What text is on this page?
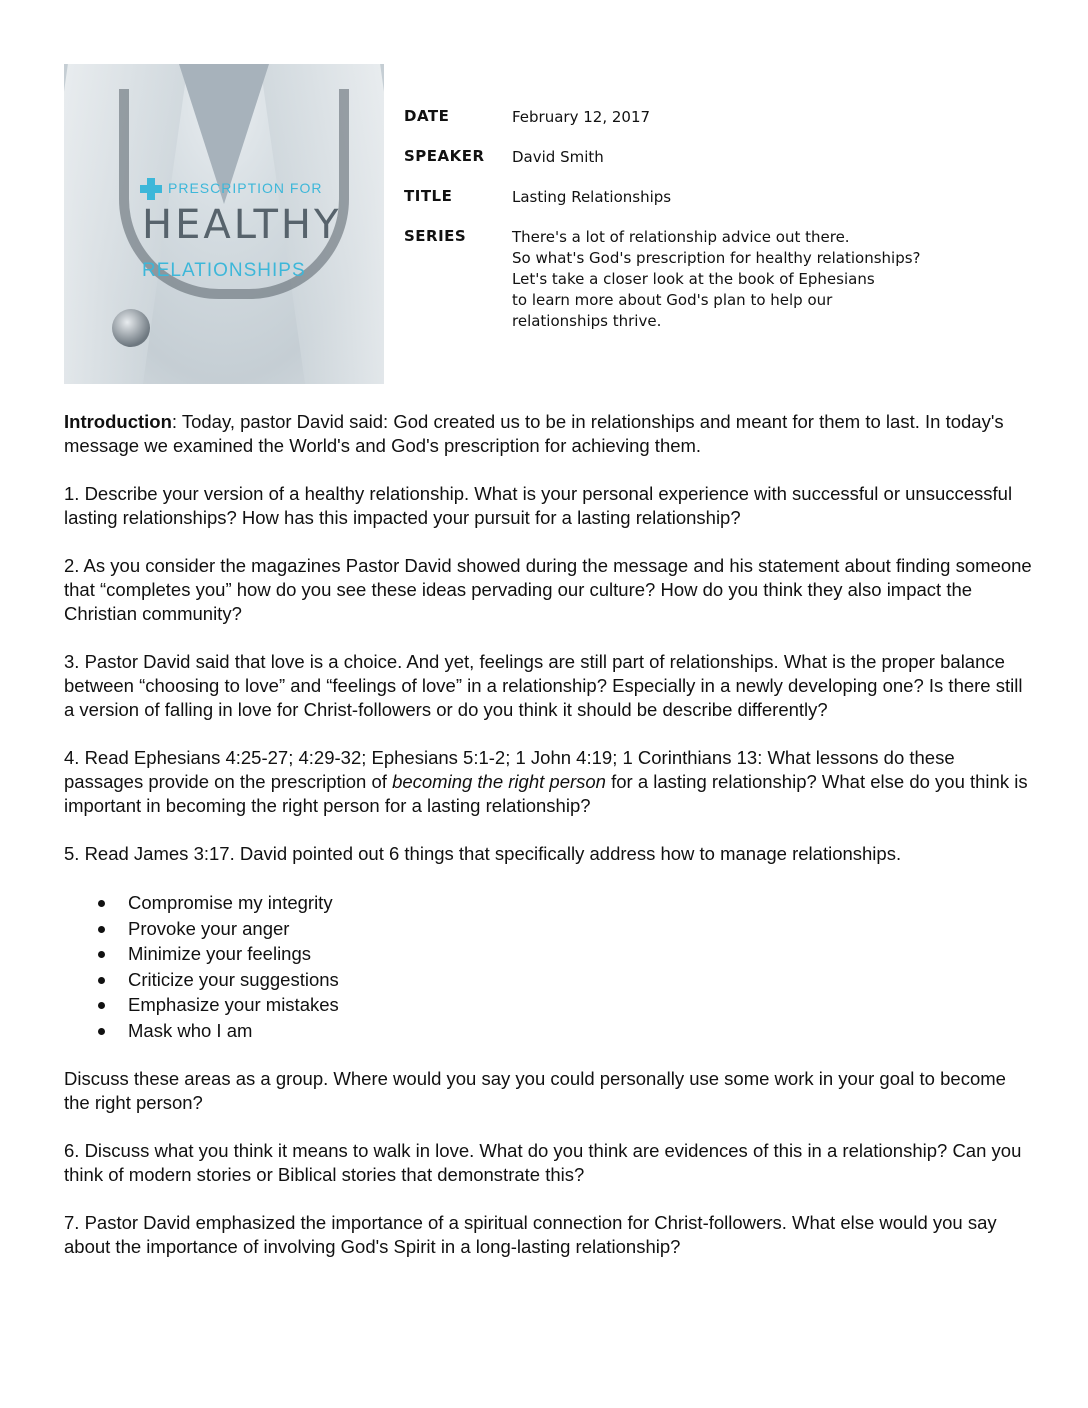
PRESCRIPTION FOR
HEALTHY
RELATIONSHIPS
DATE	February 12, 2017
SPEAKER	David Smith
TITLE	Lasting Relationships
SERIES	There's a lot of relationship advice out there.
So what's God's prescription for healthy relationships?
Let's take a closer look at the book of Ephesians
to learn more about God's plan to help our
relationships thrive.

Introduction: Today, pastor David said: God created us to be in relationships and meant for them to last. In today's message we examined the World's and God's prescription for achieving them.

1. Describe your version of a healthy relationship. What is your personal experience with successful or unsuccessful lasting relationships? How has this impacted your pursuit for a lasting relationship?

2. As you consider the magazines Pastor David showed during the message and his statement about finding someone that “completes you” how do you see these ideas pervading our culture? How do you think they also impact the Christian community?

3. Pastor David said that love is a choice. And yet, feelings are still part of relationships. What is the proper balance between “choosing to love” and “feelings of love” in a relationship? Especially in a newly developing one? Is there still a version of falling in love for Christ-followers or do you think it should be describe differently?

4. Read Ephesians 4:25-27; 4:29-32; Ephesians 5:1-2; 1 John 4:19; 1 Corinthians 13: What lessons do these passages provide on the prescription of becoming the right person for a lasting relationship? What else do you think is important in becoming the right person for a lasting relationship?

5. Read James 3:17. David pointed out 6 things that specifically address how to manage relationships.

Compromise my integrity
Provoke your anger
Minimize your feelings
Criticize your suggestions
Emphasize your mistakes
Mask who I am

Discuss these areas as a group. Where would you say you could personally use some work in your goal to become the right person?

6. Discuss what you think it means to walk in love. What do you think are evidences of this in a relationship? Can you think of modern stories or Biblical stories that demonstrate this?

7. Pastor David emphasized the importance of a spiritual connection for Christ-followers. What else would you say about the importance of involving God's Spirit in a long-lasting relationship?
